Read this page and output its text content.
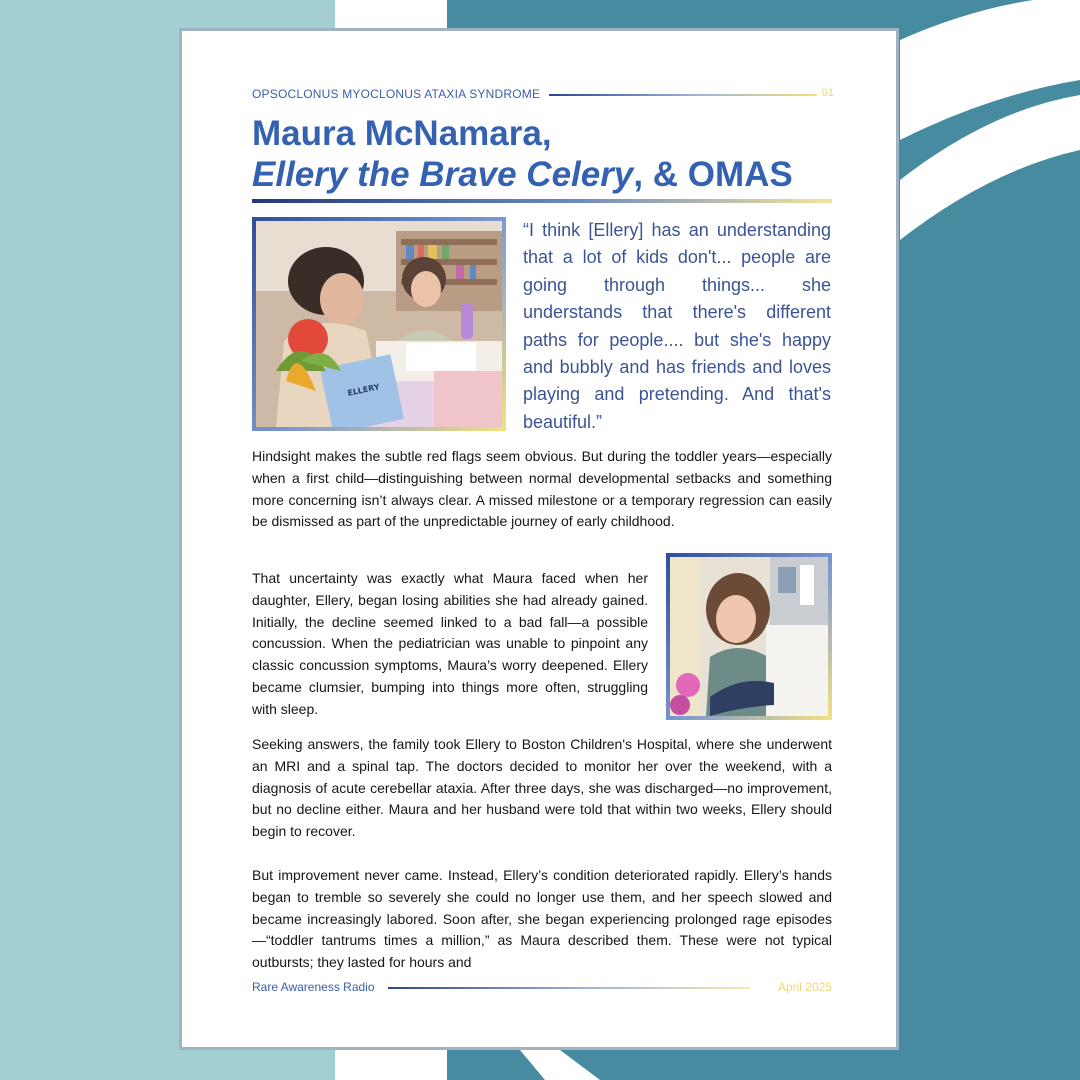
OPSOCLONUS MYOCLONUS ATAXIA SYNDROME	01
Maura McNamara,
Ellery the Brave Celery, & OMAS
ELLERY
“I think [Ellery] has an understanding that a lot of kids don't... people are going through things... she understands that there's different paths for people.... but she's happy and bubbly and has friends and loves playing and pretending. And that's beautiful.”

Hindsight makes the subtle red flags seem obvious. But during the toddler years—especially when a first child—distinguishing between normal developmental setbacks and something more concerning isn’t always clear. A missed milestone or a temporary regression can easily be dismissed as part of the unpredictable journey of early childhood.

That uncertainty was exactly what Maura faced when her daughter, Ellery, began losing abilities she had already gained. Initially, the decline seemed linked to a bad fall—a possible concussion. When the pediatrician was unable to pinpoint any classic concussion symptoms, Maura’s worry deepened. Ellery became clumsier, bumping into things more often, struggling with sleep.

Seeking answers, the family took Ellery to Boston Children's Hospital, where she underwent an MRI and a spinal tap. The doctors decided to monitor her over the weekend, with a diagnosis of acute cerebellar ataxia. After three days, she was discharged—no improvement, but no decline either. Maura and her husband were told that within two weeks, Ellery should begin to recover.

But improvement never came. Instead, Ellery’s condition deteriorated rapidly. Ellery’s hands began to tremble so severely she could no longer use them, and her speech slowed and became increasingly labored. Soon after, she began experiencing prolonged rage episodes—“toddler tantrums times a million,” as Maura described them. These were not typical outbursts; they lasted for hours and

Rare Awareness Radio	April 2025
